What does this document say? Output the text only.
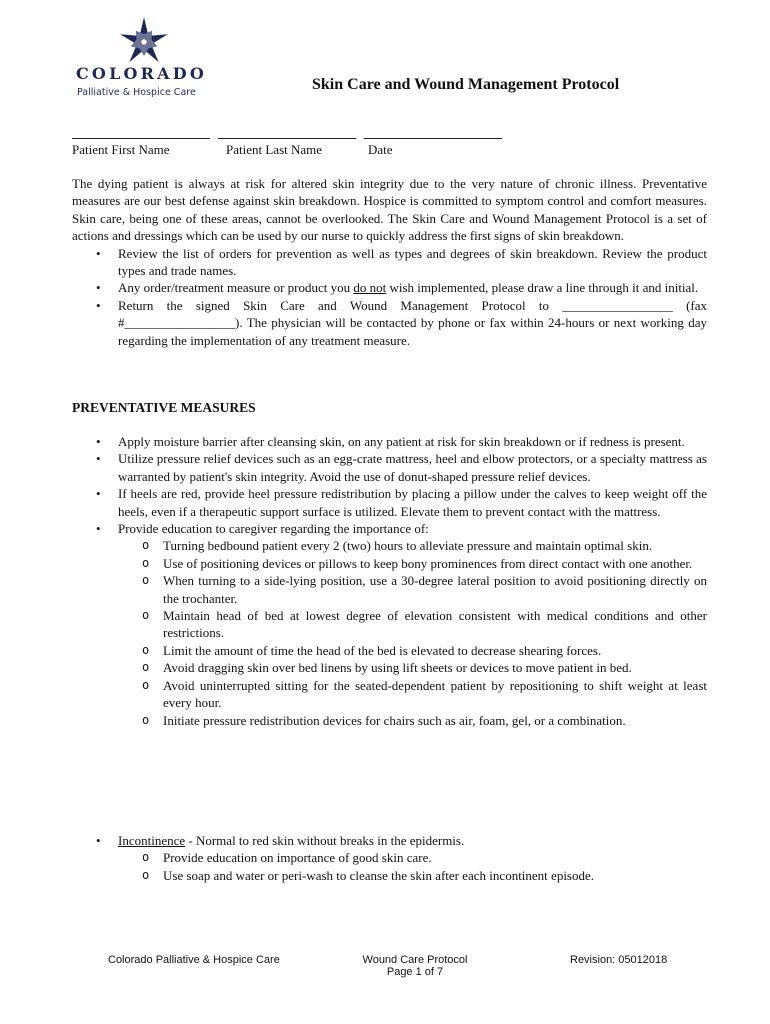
COLORADO
Palliative & Hospice Care	Skin Care and Wound Management Protocol
Patient First Name	Patient Last Name	Date

The dying patient is always at risk for altered skin integrity due to the very nature of chronic illness. Preventative measures are our best defense against skin breakdown. Hospice is committed to symptom control and comfort measures. Skin care, being one of these areas, cannot be overlooked. The Skin Care and Wound Management Protocol is a set of actions and dressings which can be used by our nurse to quickly address the first signs of skin breakdown.

• Review the list of orders for prevention as well as types and degrees of skin breakdown. Review the product types and trade names.
• Any order/treatment measure or product you do not wish implemented, please draw a line through it and initial.
• Return the signed Skin Care and Wound Management Protocol to _________________ (fax #_________________). The physician will be contacted by phone or fax within 24-hours or next working day regarding the implementation of any treatment measure.
PREVENTATIVE MEASURES
• Apply moisture barrier after cleansing skin, on any patient at risk for skin breakdown or if redness is present.
• Utilize pressure relief devices such as an egg-crate mattress, heel and elbow protectors, or a specialty mattress as warranted by patient's skin integrity. Avoid the use of donut-shaped pressure relief devices.
• If heels are red, provide heel pressure redistribution by placing a pillow under the calves to keep weight off the heels, even if a therapeutic support surface is utilized. Elevate them to prevent contact with the mattress.
• Provide education to caregiver regarding the importance of:
o Turning bedbound patient every 2 (two) hours to alleviate pressure and maintain optimal skin.
o Use of positioning devices or pillows to keep bony prominences from direct contact with one another.
o When turning to a side-lying position, use a 30-degree lateral position to avoid positioning directly on the trochanter.
o Maintain head of bed at lowest degree of elevation consistent with medical conditions and other restrictions.
o Limit the amount of time the head of the bed is elevated to decrease shearing forces.
o Avoid dragging skin over bed linens by using lift sheets or devices to move patient in bed.
o Avoid uninterrupted sitting for the seated-dependent patient by repositioning to shift weight at least every hour.
o Initiate pressure redistribution devices for chairs such as air, foam, gel, or a combination.
• Incontinence - Normal to red skin without breaks in the epidermis.
o Provide education on importance of good skin care.
o Use soap and water or peri-wash to cleanse the skin after each incontinent episode.
Colorado Palliative & Hospice Care	Wound Care Protocol
Page 1 of 7
Revision: 05012018
